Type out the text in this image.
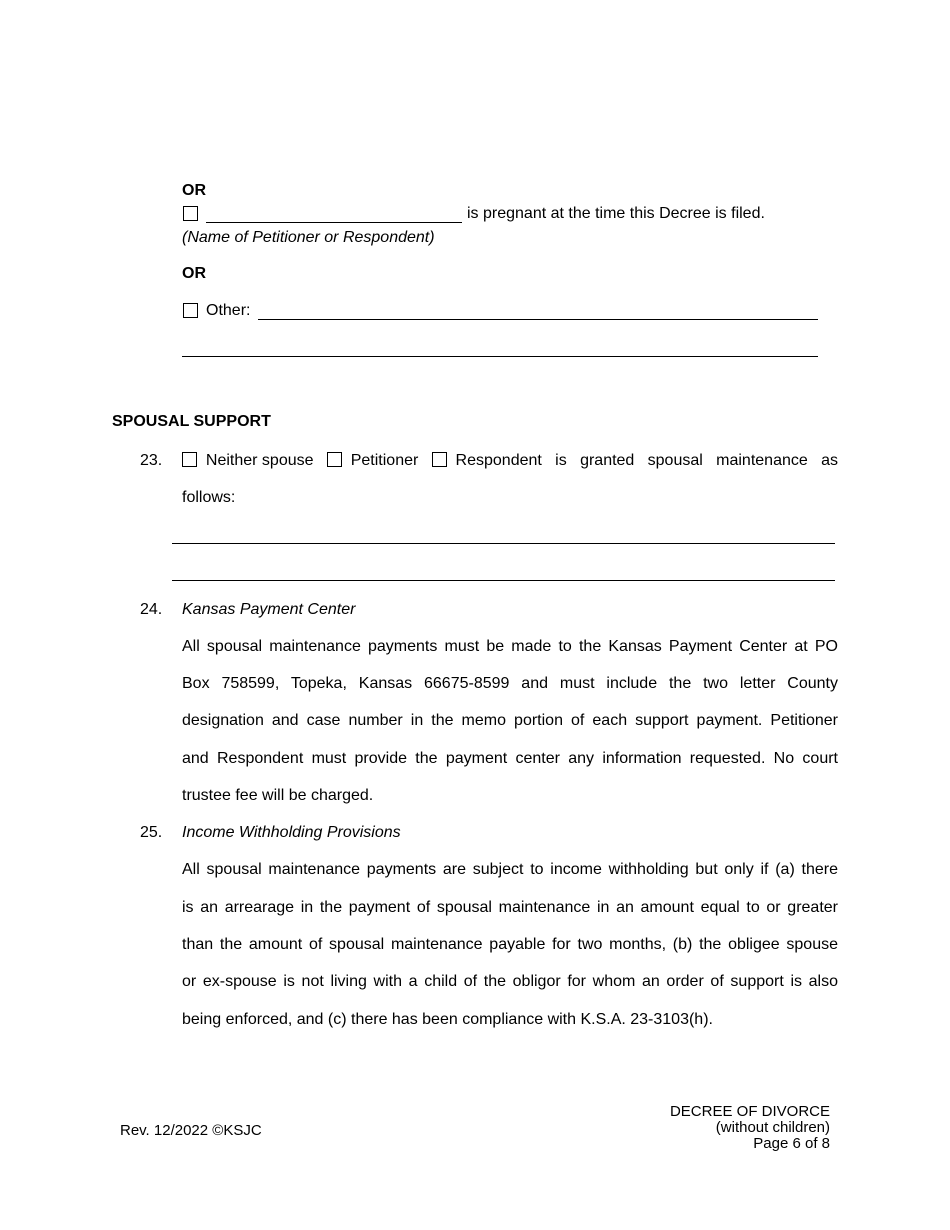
OR
is pregnant at the time this Decree is filed.
(Name of Petitioner or Respondent)
OR
Other:
SPOUSAL SUPPORT
23.	Neither spouse	Petitioner	Respondent is granted spousal maintenance as
follows:
24. Kansas Payment Center
All spousal maintenance payments must be made to the Kansas Payment Center at PO
Box 758599, Topeka, Kansas 66675-8599 and must include the two letter County
designation and case number in the memo portion of each support payment. Petitioner
and Respondent must provide the payment center any information requested. No court
trustee fee will be charged.
25. Income Withholding Provisions
All spousal maintenance payments are subject to income withholding but only if (a) there
is an arrearage in the payment of spousal maintenance in an amount equal to or greater
than the amount of spousal maintenance payable for two months, (b) the obligee spouse
or ex-spouse is not living with a child of the obligor for whom an order of support is also
being enforced, and (c) there has been compliance with K.S.A. 23-3103(h).
Rev. 12/2022 ©KSJC
DECREE OF DIVORCE
(without children)
Page 6 of 8
